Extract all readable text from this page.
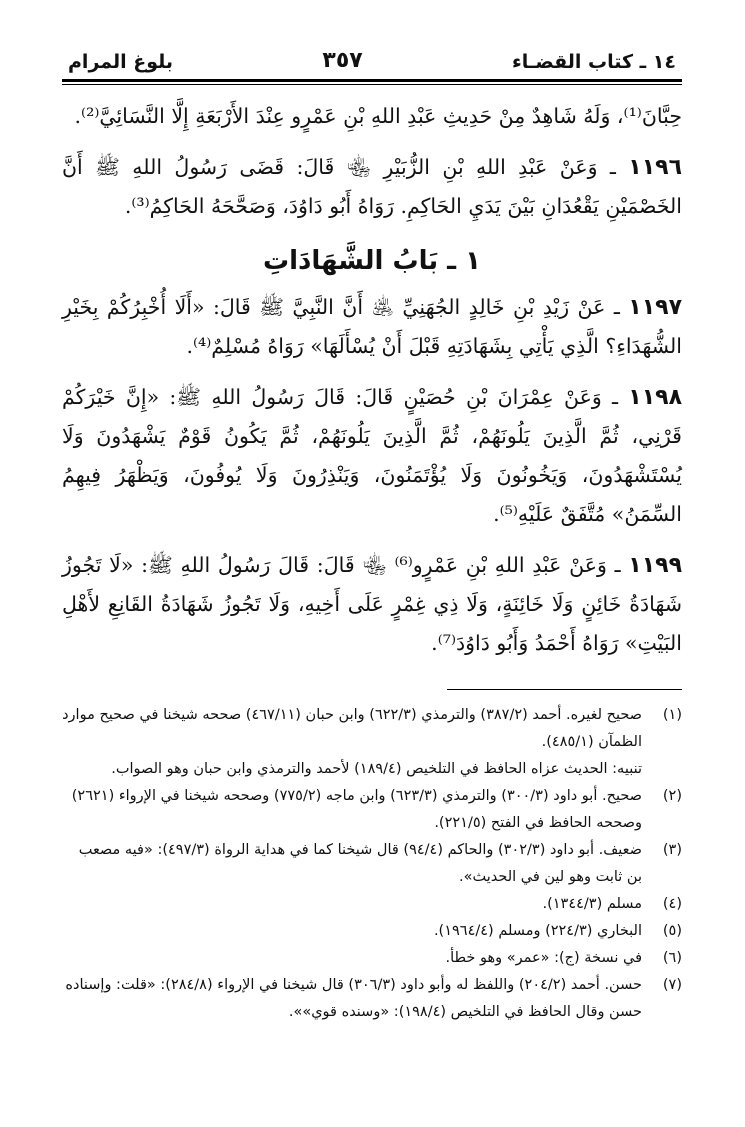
١٤ ـ كتاب القضـاء
٣٥٧
بلوغ المرام

حِبَّانَ⁽¹⁾، وَلَهُ شَاهِدٌ مِنْ حَدِيثِ عَبْدِ اللهِ بْنِ عَمْرٍو عِنْدَ الأَرْبَعَةِ إِلَّا النَّسَائِيَّ⁽²⁾.

١١٩٦ ـ وَعَنْ عَبْدِ اللهِ بْنِ الزُّبَيْرِ ﵄ قَالَ: قَضَى رَسُولُ اللهِ ﷺ أَنَّ الخَصْمَيْنِ يَقْعُدَانِ بَيْنَ يَدَيِ الحَاكِمِ. رَوَاهُ أَبُو دَاوُدَ، وَصَحَّحَهُ الحَاكِمُ⁽³⁾.

١ ـ بَابُ الشَّهَادَاتِ

١١٩٧ ـ عَنْ زَيْدِ بْنِ خَالِدٍ الجُهَنِيِّ ﵁ أَنَّ النَّبِيَّ ﷺ قَالَ: «أَلَا أُخْبِرُكُمْ بِخَيْرِ الشُّهَدَاءِ؟ الَّذِي يَأْتِي بِشَهَادَتِهِ قَبْلَ أَنْ يُسْأَلَهَا» رَوَاهُ مُسْلِمٌ⁽⁴⁾.

١١٩٨ ـ وَعَنْ عِمْرَانَ بْنِ حُصَيْنٍ قَالَ: قَالَ رَسُولُ اللهِ ﷺ: «إِنَّ خَيْرَكُمْ قَرْنِي، ثُمَّ الَّذِينَ يَلُونَهُمْ، ثُمَّ الَّذِينَ يَلُونَهُمْ، ثُمَّ يَكُونُ قَوْمٌ يَشْهَدُونَ وَلَا يُسْتَشْهَدُونَ، وَيَخُونُونَ وَلَا يُؤْتَمَنُونَ، وَيَنْذِرُونَ وَلَا يُوفُونَ، وَيَظْهَرُ فِيهِمُ السِّمَنُ» مُتَّفَقٌ عَلَيْهِ⁽⁵⁾.

١١٩٩ ـ وَعَنْ عَبْدِ اللهِ بْنِ عَمْرٍو⁽⁶⁾ ﵄ قَالَ: قَالَ رَسُولُ اللهِ ﷺ: «لَا تَجُوزُ شَهَادَةُ خَائِنٍ وَلَا خَائِنَةٍ، وَلَا ذِي غِمْرٍ عَلَى أَخِيهِ، وَلَا تَجُوزُ شَهَادَةُ القَانِعِ لأَهْلِ البَيْتِ» رَوَاهُ أَحْمَدُ وَأَبُو دَاوُدَ⁽⁷⁾.

(١)
صحيح لغيره. أحمد (٣٨٧/٢) والترمذي (٦٢٢/٣) وابن حبان (٤٦٧/١١) صححه شيخنا في صحيح موارد الظمآن (٤٨٥/١).
تنبيه: الحديث عزاه الحافظ في التلخيص (١٨٩/٤) لأحمد والترمذي وابن حبان وهو الصواب.
(٢)
صحيح. أبو داود (٣٠٠/٣) والترمذي (٦٢٣/٣) وابن ماجه (٧٧٥/٢) وصححه شيخنا في الإرواء (٢٦٢١) وصححه الحافظ في الفتح (٢٢١/٥).
(٣)
ضعيف. أبو داود (٣٠٢/٣) والحاكم (٩٤/٤) قال شيخنا كما في هداية الرواة (٤٩٧/٣): «فيه مصعب بن ثابت وهو لين في الحديث».
(٤)
مسلم (١٣٤٤/٣).
(٥)
البخاري (٢٢٤/٣) ومسلم (١٩٦٤/٤).
(٦)
في نسخة (ج): «عمر» وهو خطأ.
(٧)
حسن. أحمد (٢٠٤/٢) واللفظ له وأبو داود (٣٠٦/٣) قال شيخنا في الإرواء (٢٨٤/٨): «قلت: وإسناده حسن وقال الحافظ في التلخيص (١٩٨/٤): «وسنده قوي»».
